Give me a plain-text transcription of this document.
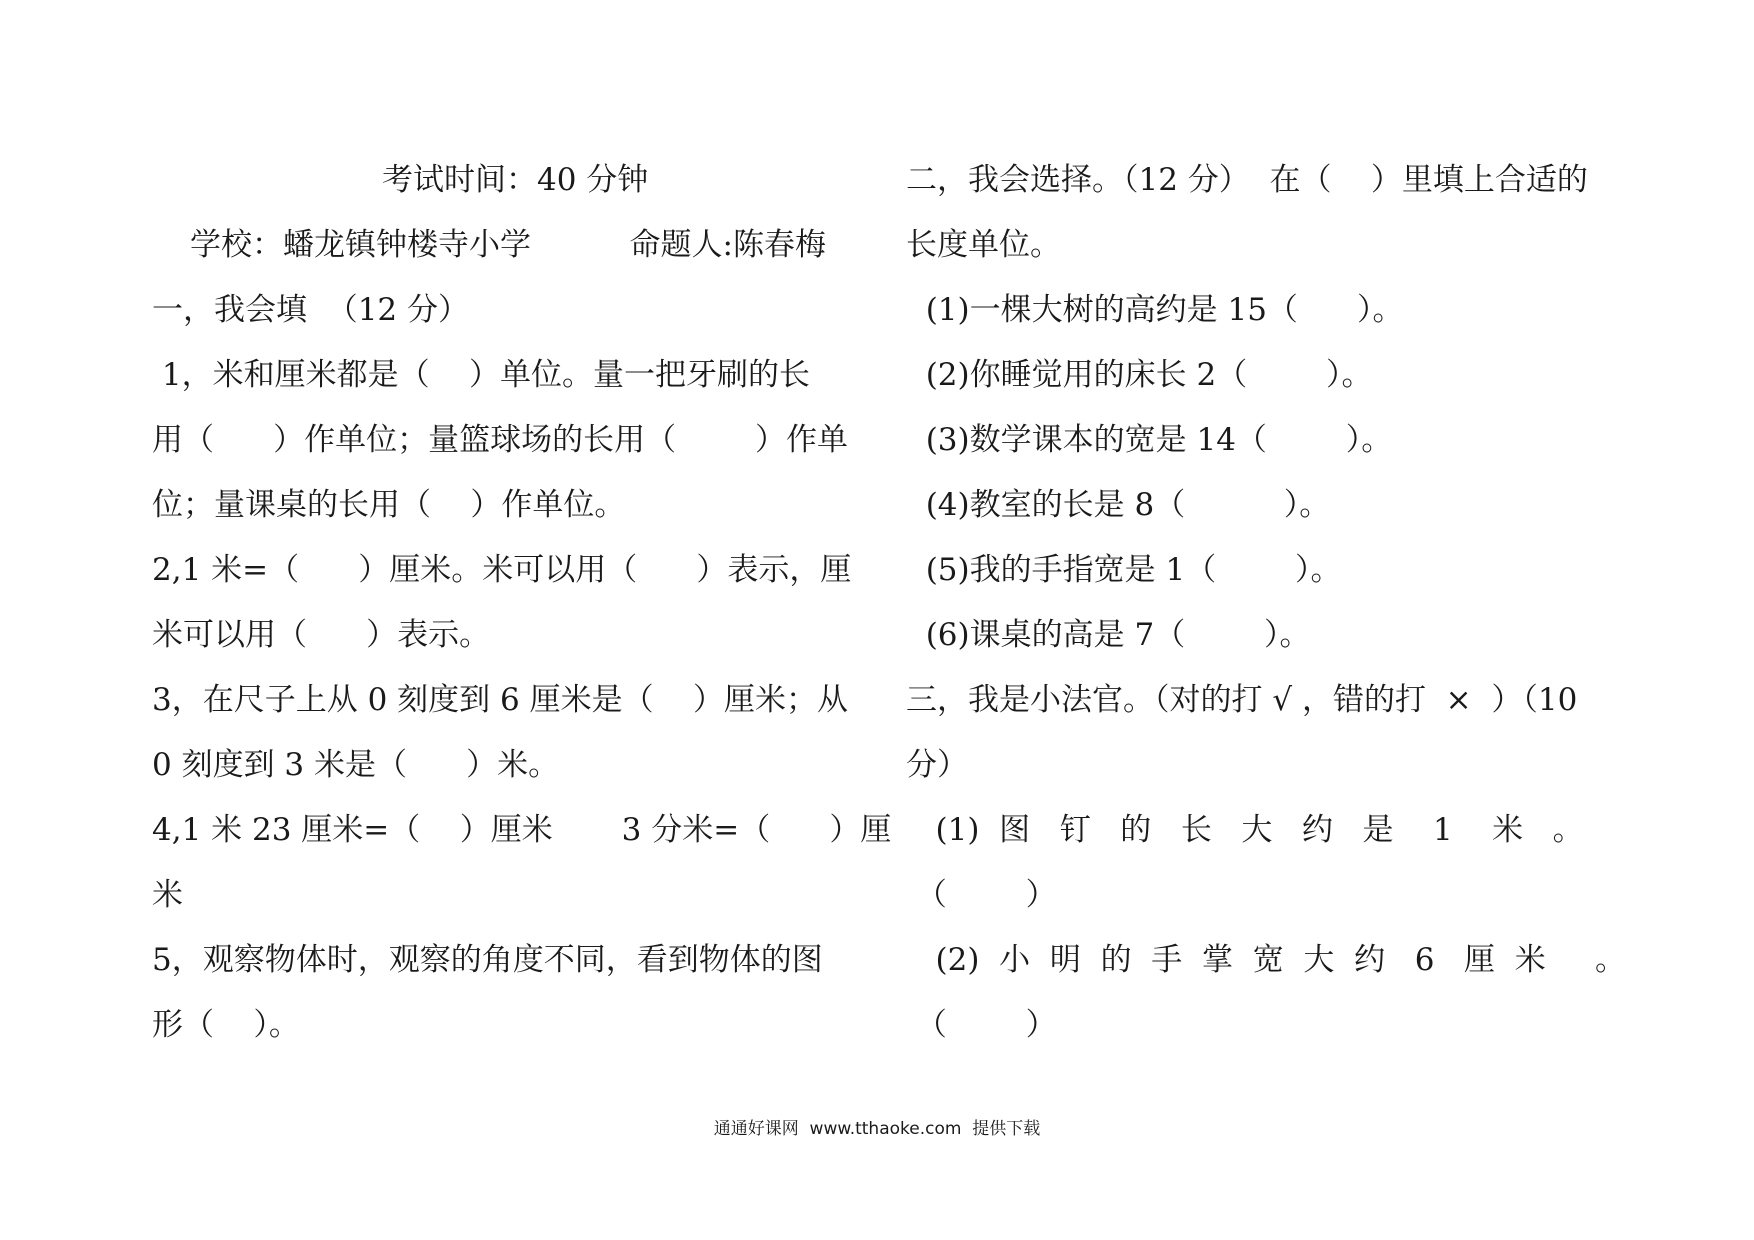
考试时间：40 分钟
学校：蟠龙镇钟楼寺小学          命题人:陈春梅
一，我会填  （12 分）
1，米和厘米都是（    ）单位。量一把牙刷的长
用（      ）作单位；量篮球场的长用（        ）作单
位；量课桌的长用（    ）作单位。
2,1 米=（      ）厘米。米可以用（      ）表示，厘
米可以用（      ）表示。
3，在尺子上从 0 刻度到 6 厘米是（    ）厘米；从
0 刻度到 3 米是（      ）米。
4,1 米 23 厘米=（    ）厘米       3 分米=（      ）厘
米
5，观察物体时，观察的角度不同，看到物体的图
形（    ）。
二，我会选择。（12 分）  在（    ）里填上合适的
长度单位。
(1)一棵大树的高约是 15（      ）。
(2)你睡觉用的床长 2（        ）。
(3)数学课本的宽是 14（        ）。
(4)教室的长是 8（          ）。
(5)我的手指宽是 1（        ）。
(6)课桌的高是 7（        ）。
三，我是小法官。（对的打 √ ，错的打  ×  ）（10
分）
(1)  图   钉   的   长   大   约   是    1    米   。
（        ）
(2)  小  明  的  手  掌  宽  大  约   6   厘  米     。
（        ）
通通好课网  www.tthaoke.com  提供下载
